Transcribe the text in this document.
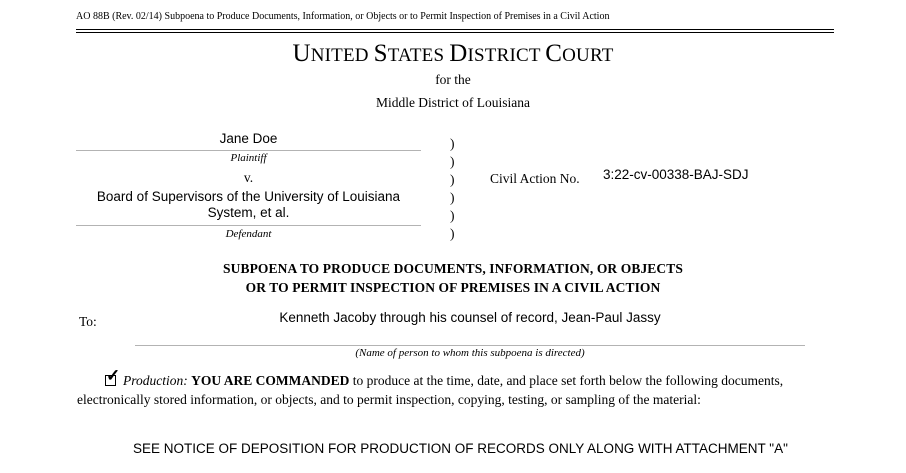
AO 88B (Rev. 02/14) Subpoena to Produce Documents, Information, or Objects or to Permit Inspection of Premises in a Civil Action
UNITED STATES DISTRICT COURT
for the
Middle District of Louisiana
Jane Doe
Plaintiff
v.
Board of Supervisors of the University of Louisiana
System, et al.
Defendant
)
)
)
)
)
)
Civil Action No. 3:22-cv-00338-BAJ-SDJ
SUBPOENA TO PRODUCE DOCUMENTS, INFORMATION, OR OBJECTS
OR TO PERMIT INSPECTION OF PREMISES IN A CIVIL ACTION
To:	Kenneth Jacoby through his counsel of record, Jean-Paul Jassy
(Name of person to whom this subpoena is directed)
✓ Production: YOU ARE COMMANDED to produce at the time, date, and place set forth below the following documents, electronically stored information, or objects, and to permit inspection, copying, testing, or sampling of the material:
SEE NOTICE OF DEPOSITION FOR PRODUCTION OF RECORDS ONLY ALONG WITH ATTACHMENT "A"
